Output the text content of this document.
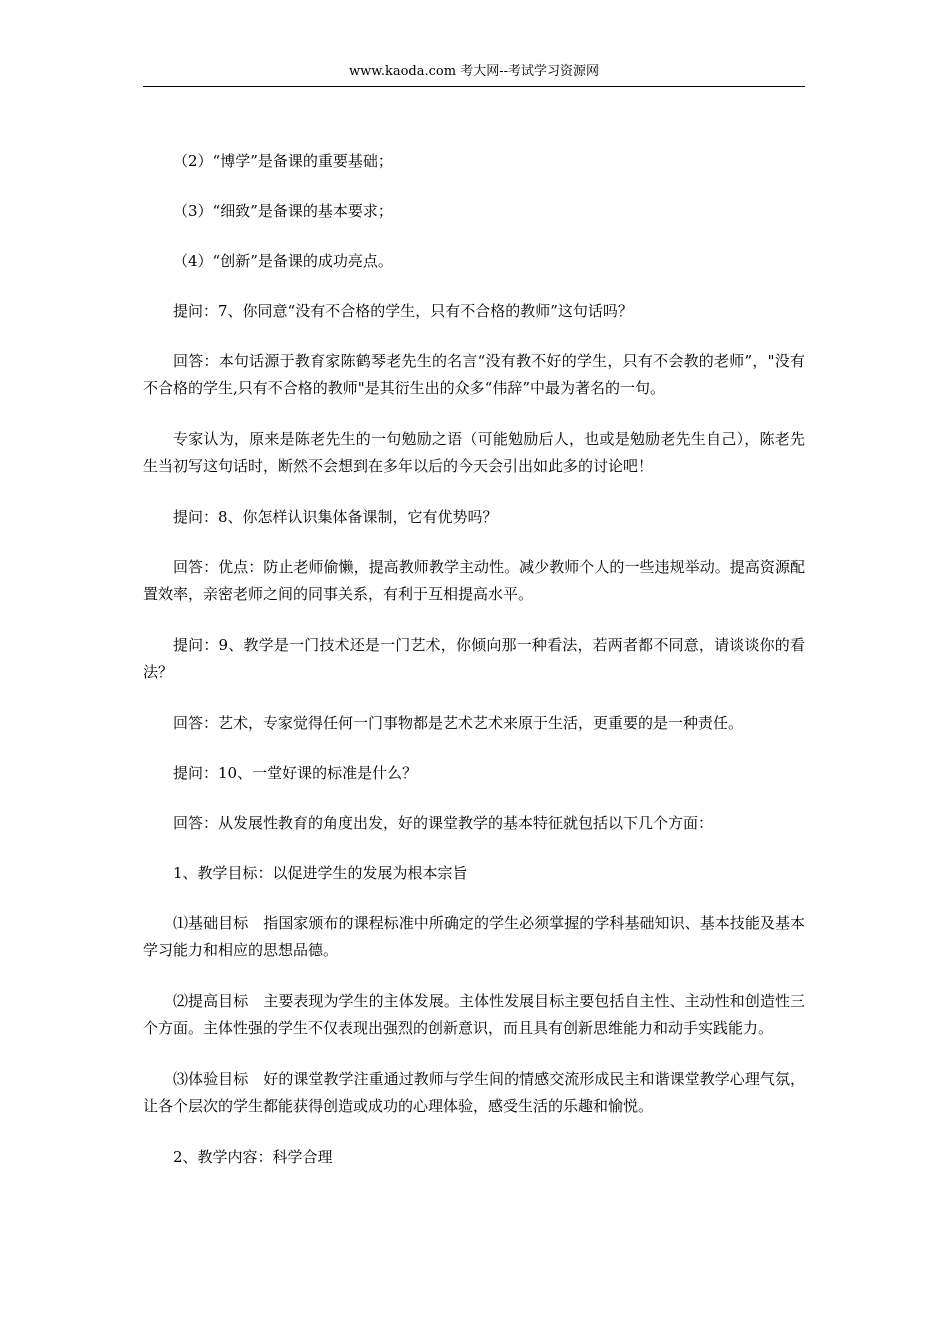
www.kaoda.com 考大网--考试学习资源网

（2）“博学”是备课的重要基础；

（3）“细致”是备课的基本要求；

（4）“创新”是备课的成功亮点。

提问：7、你同意“没有不合格的学生，只有不合格的教师”这句话吗？

回答：本句话源于教育家陈鹤琴老先生的名言“没有教不好的学生，只有不会教的老师”，"没有不合格的学生,只有不合格的教师"是其衍生出的众多“伟辞”中最为著名的一句。

专家认为，原来是陈老先生的一句勉励之语（可能勉励后人，也或是勉励老先生自己），陈老先生当初写这句话时，断然不会想到在多年以后的今天会引出如此多的讨论吧！

提问：8、你怎样认识集体备课制，它有优势吗？

回答：优点：防止老师偷懒，提高教师教学主动性。减少教师个人的一些违规举动。提高资源配置效率，亲密老师之间的同事关系，有利于互相提高水平。

提问：9、教学是一门技术还是一门艺术，你倾向那一种看法，若两者都不同意，请谈谈你的看法？

回答：艺术，专家觉得任何一门事物都是艺术艺术来原于生活，更重要的是一种责任。

提问：10、一堂好课的标准是什么？

回答：从发展性教育的角度出发，好的课堂教学的基本特征就包括以下几个方面：

1、教学目标：以促进学生的发展为根本宗旨

⑴基础目标　指国家颁布的课程标准中所确定的学生必须掌握的学科基础知识、基本技能及基本学习能力和相应的思想品德。

⑵提高目标　主要表现为学生的主体发展。主体性发展目标主要包括自主性、主动性和创造性三个方面。主体性强的学生不仅表现出强烈的创新意识，而且具有创新思维能力和动手实践能力。

⑶体验目标　好的课堂教学注重通过教师与学生间的情感交流形成民主和谐课堂教学心理气氛，让各个层次的学生都能获得创造或成功的心理体验，感受生活的乐趣和愉悦。

2、教学内容：科学合理
